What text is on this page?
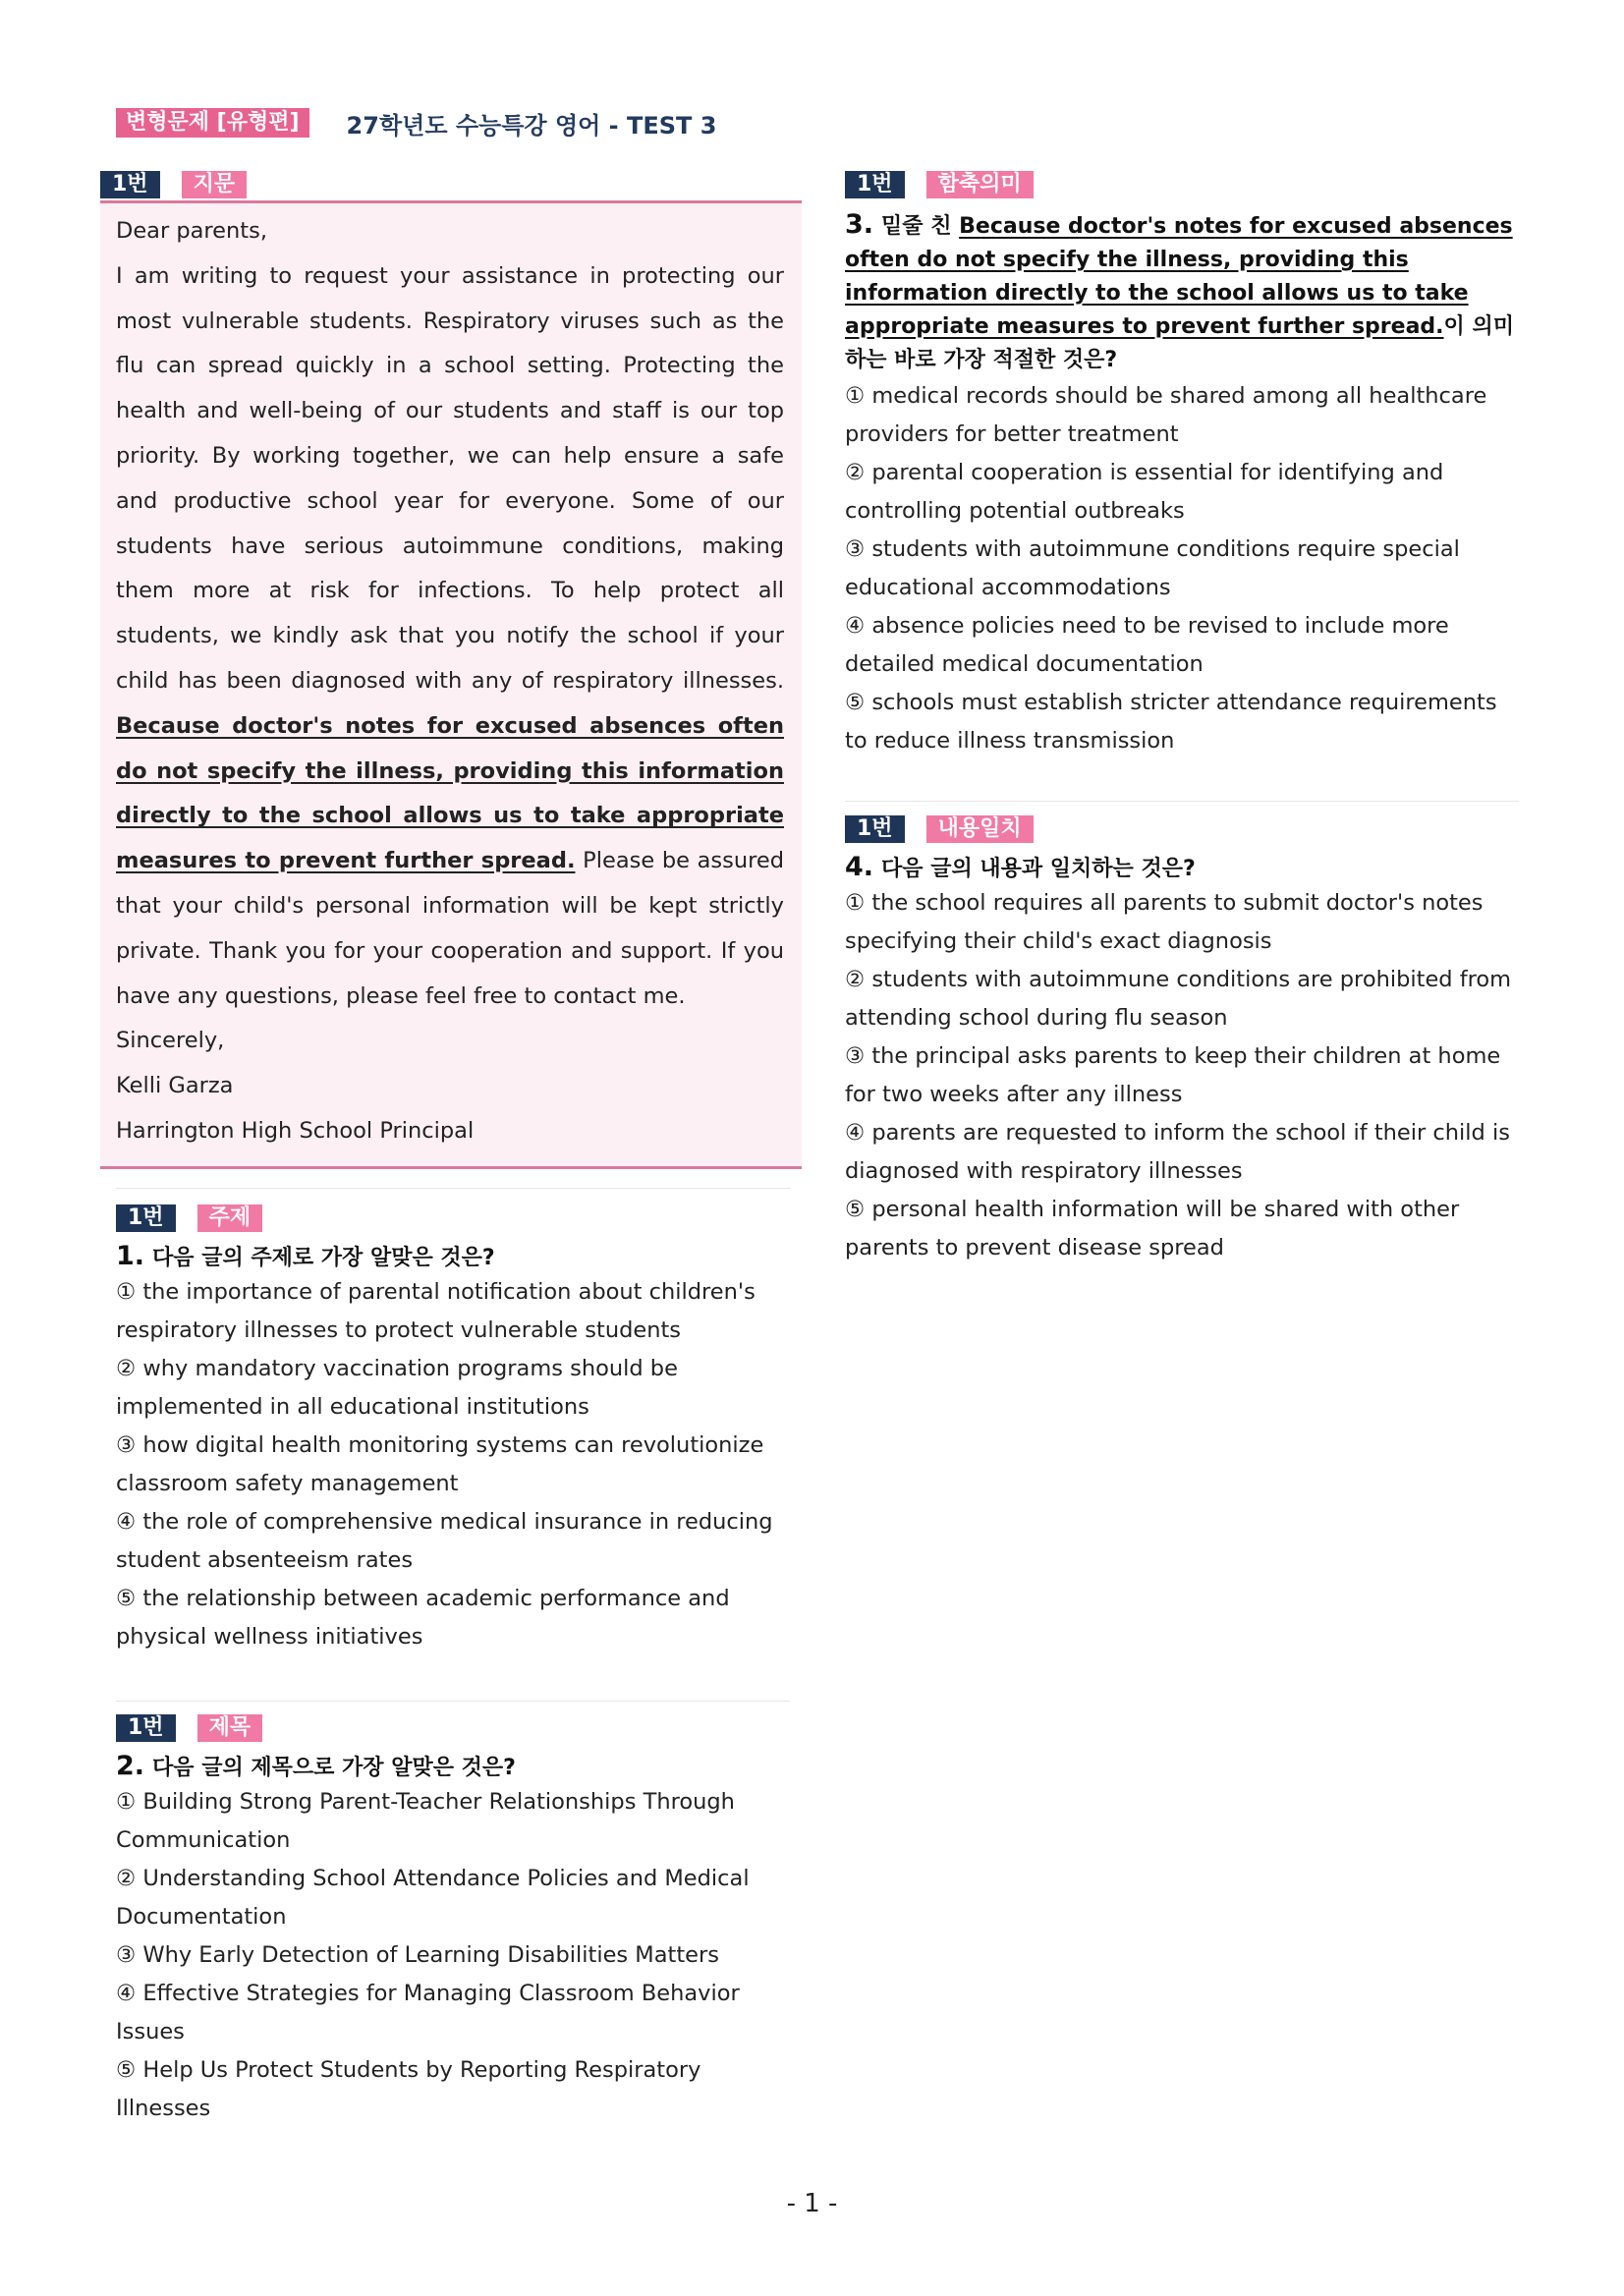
변형문제 [유형편]	27학년도 수능특강 영어 - TEST 3
1번	지문

Dear parents,

I am writing to request your assistance in protecting our most vulnerable students. Respiratory viruses such as the flu can spread quickly in a school setting. Protecting the health and well-being of our students and staff is our top priority. By working together, we can help ensure a safe and productive school year for everyone. Some of our students have serious autoimmune conditions, making them more at risk for infections. To help protect all students, we kindly ask that you notify the school if your child has been diagnosed with any of respiratory illnesses. Because doctor's notes for excused absences often do not specify the illness, providing this information directly to the school allows us to take appropriate measures to prevent further spread. Please be assured that your child's personal information will be kept strictly private. Thank you for your cooperation and support. If you have any questions, please feel free to contact me.

Sincerely,

Kelli Garza

Harrington High School Principal

1번	주제
1. 다음 글의 주제로 가장 알맞은 것은?
① the importance of parental notification about children's respiratory illnesses to protect vulnerable students
② why mandatory vaccination programs should be implemented in all educational institutions
③ how digital health monitoring systems can revolutionize classroom safety management
④ the role of comprehensive medical insurance in reducing student absenteeism rates
⑤ the relationship between academic performance and physical wellness initiatives
1번	제목
2. 다음 글의 제목으로 가장 알맞은 것은?
① Building Strong Parent-Teacher Relationships Through Communication
② Understanding School Attendance Policies and Medical Documentation
③ Why Early Detection of Learning Disabilities Matters
④ Effective Strategies for Managing Classroom Behavior Issues
⑤ Help Us Protect Students by Reporting Respiratory Illnesses
1번	함축의미
3. 밑줄 친 Because doctor's notes for excused absences often do not specify the illness, providing this information directly to the school allows us to take appropriate measures to prevent further spread.이 의미하는 바로 가장 적절한 것은?
① medical records should be shared among all healthcare providers for better treatment
② parental cooperation is essential for identifying and controlling potential outbreaks
③ students with autoimmune conditions require special educational accommodations
④ absence policies need to be revised to include more detailed medical documentation
⑤ schools must establish stricter attendance requirements to reduce illness transmission
1번	내용일치
4. 다음 글의 내용과 일치하는 것은?
① the school requires all parents to submit doctor's notes specifying their child's exact diagnosis
② students with autoimmune conditions are prohibited from attending school during flu season
③ the principal asks parents to keep their children at home for two weeks after any illness
④ parents are requested to inform the school if their child is diagnosed with respiratory illnesses
⑤ personal health information will be shared with other parents to prevent disease spread
- 1 -
